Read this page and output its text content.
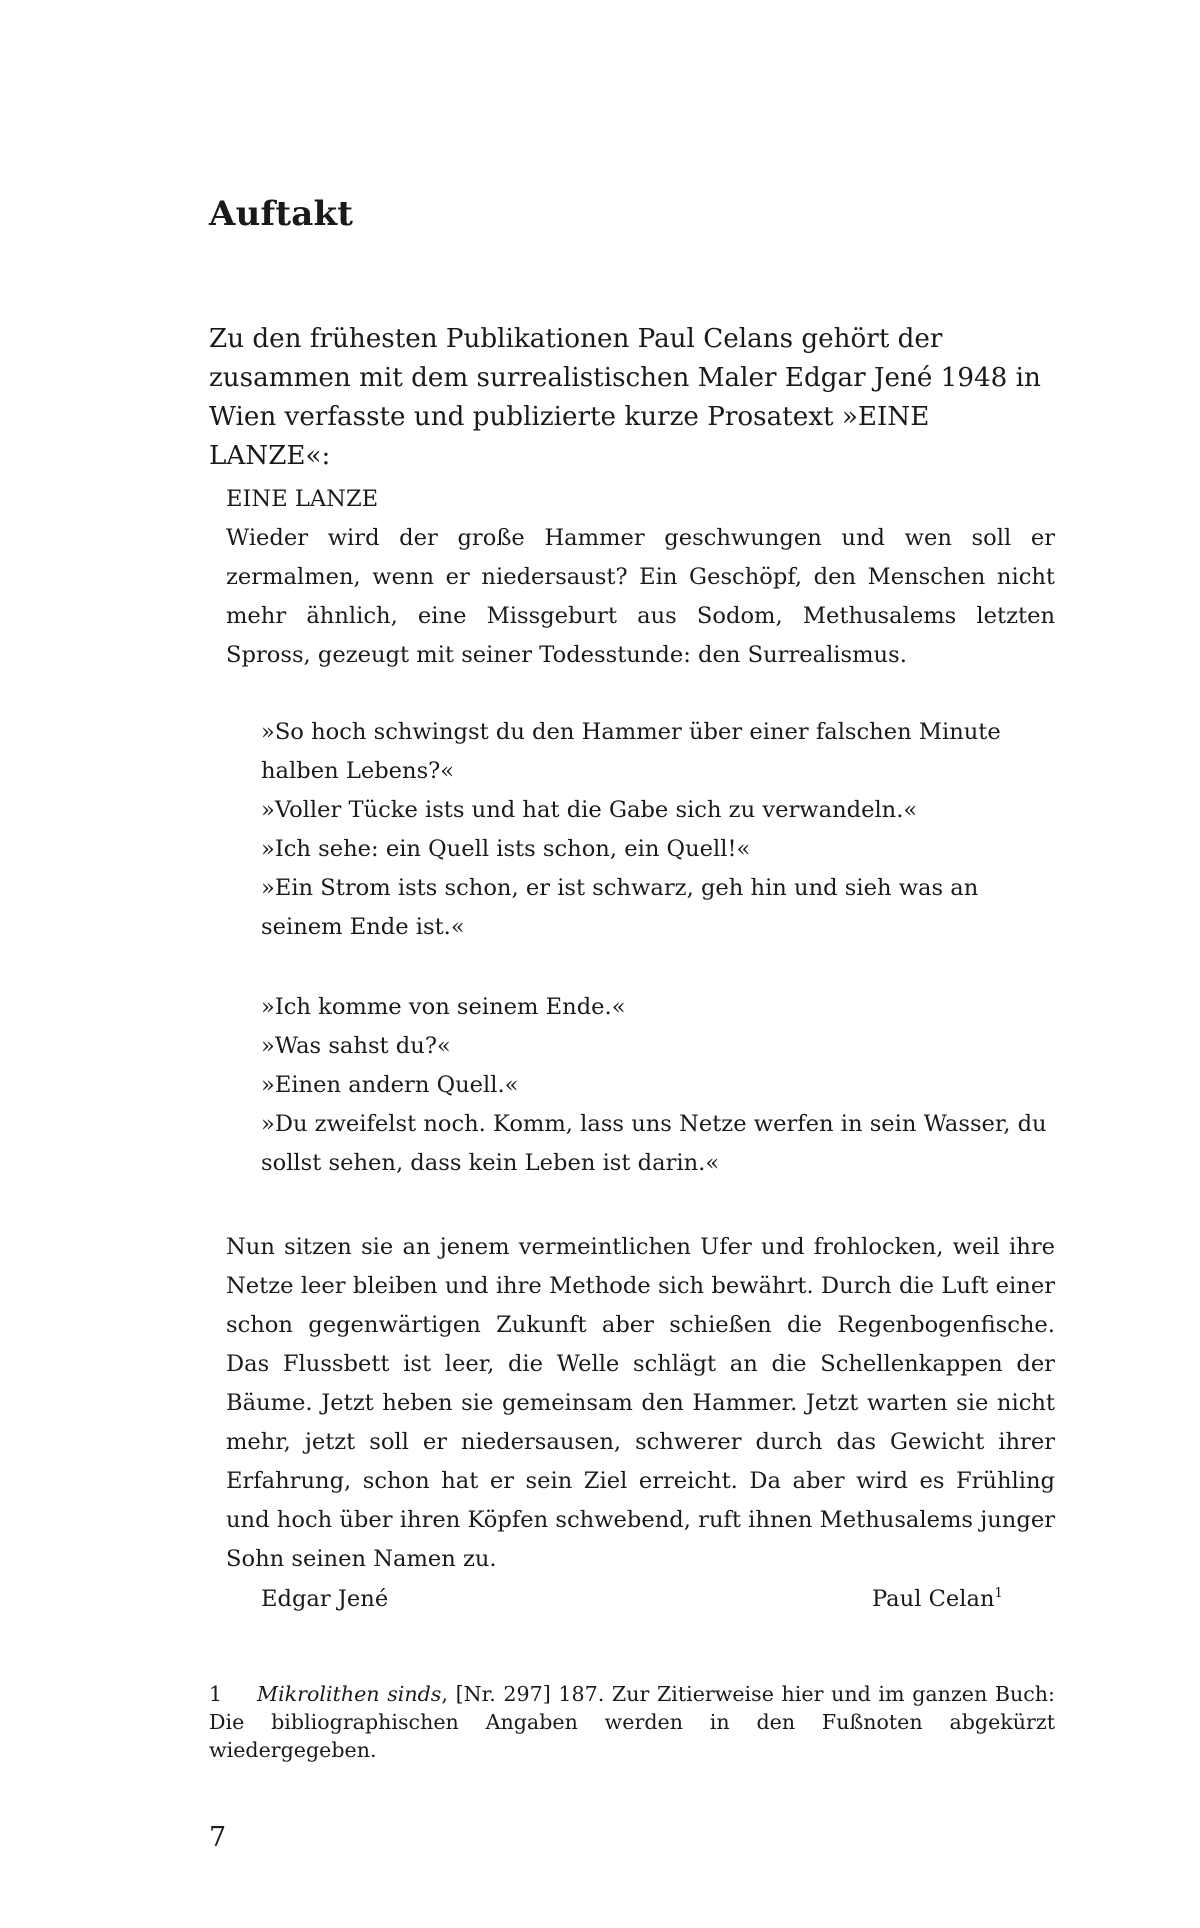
Auftakt

Zu den frühesten Publikationen Paul Celans gehört der zusammen mit dem surrealistischen Maler Edgar Jené 1948 in Wien verfasste und publizierte kurze Prosatext »EINE LANZE«:

EINE LANZE

Wieder wird der große Hammer geschwungen und wen soll er zermalmen, wenn er niedersaust? Ein Geschöpf, den Menschen nicht mehr ähnlich, eine Missgeburt aus Sodom, Methusalems letzten Spross, gezeugt mit seiner Todesstunde: den Surrealismus.

»So hoch schwingst du den Hammer über einer falschen Minute halben Lebens?«
»Voller Tücke ists und hat die Gabe sich zu verwandeln.«
»Ich sehe: ein Quell ists schon, ein Quell!«
»Ein Strom ists schon, er ist schwarz, geh hin und sieh was an seinem Ende ist.«
»Ich komme von seinem Ende.«
»Was sahst du?«
»Einen andern Quell.«
»Du zweifelst noch. Komm, lass uns Netze werfen in sein Wasser, du sollst sehen, dass kein Leben ist darin.«

Nun sitzen sie an jenem vermeintlichen Ufer und frohlocken, weil ihre Netze leer bleiben und ihre Methode sich bewährt. Durch die Luft einer schon gegenwärtigen Zukunft aber schießen die Regenbogenfische. Das Flussbett ist leer, die Welle schlägt an die Schellenkappen der Bäume. Jetzt heben sie gemeinsam den Hammer. Jetzt warten sie nicht mehr, jetzt soll er niedersausen, schwerer durch das Gewicht ihrer Erfahrung, schon hat er sein Ziel erreicht. Da aber wird es Frühling und hoch über ihren Köpfen schwebend, ruft ihnen Methusalems junger Sohn seinen Namen zu.

Edgar Jené	Paul Celan$^1$

1 Mikrolithen sinds, [Nr. 297] 187. Zur Zitierweise hier und im ganzen Buch: Die bibliographischen Angaben werden in den Fußnoten abgekürzt wiedergegeben.

7
